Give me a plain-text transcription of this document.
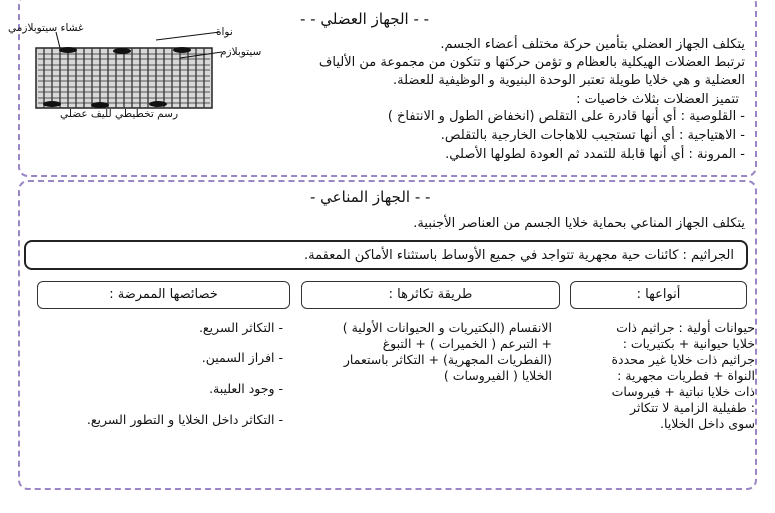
- - الجهاز العضلي - -
يتكلف الجهاز العضلي بتأمين حركة مختلف أعضاء الجسم.
ترتبط العضلات الهيكلية بالعظام و تؤمن حركتها و تتكون من مجموعة من الألياف
العضلية و هي خلايا طويلة تعتبر الوحدة البنيوية و الوظيفية للعضلة.
تتميز العضلات بثلاث خاصيات :
- القلوصية : أي أنها قادرة على التقلص (انخفاض الطول و الانتفاخ )
- الاهتياجية : أي أنها تستجيب للاهاجات الخارجية بالتقلص.
- المرونة : أي أنها قابلة للتمدد ثم العودة لطولها الأصلي.
غشاء سيتوبلازمي	نواة
سيتوبلازم
رسم تخطيطي لليف عضلي
- - الجهاز المناعي -
يتكلف الجهاز المناعي بحماية خلايا الجسم من العناصر الأجنبية.
الجراثيم : كائنات حية مجهرية تتواجد في جميع الأوساط باستثناء الأماكن المعقمة.
أنواعها :
طريقة تكاثرها :
خصائصها الممرضة :
حيوانات أولية : جراثيم ذات
خلايا حيوانية + بكتيريات :
جراثيم ذات خلايا غير محددة
النواة + فطريات مجهرية :
ذات خلايا نباتية + فيروسات
: طفيلية الزامية لا تتكاثر
سوى داخل الخلايا.
الانقسام (البكتيريات و الحيوانات الأولية )
+ التبرعم ( الخميرات ) + التبوغ
(الفطريات المجهرية) + التكاثر باستعمار
الخلايا ( الفيروسات )
- التكاثر السريع.
- افراز السمين.
- وجود العليبة.
- التكاثر داخل الخلايا و التطور السريع.
